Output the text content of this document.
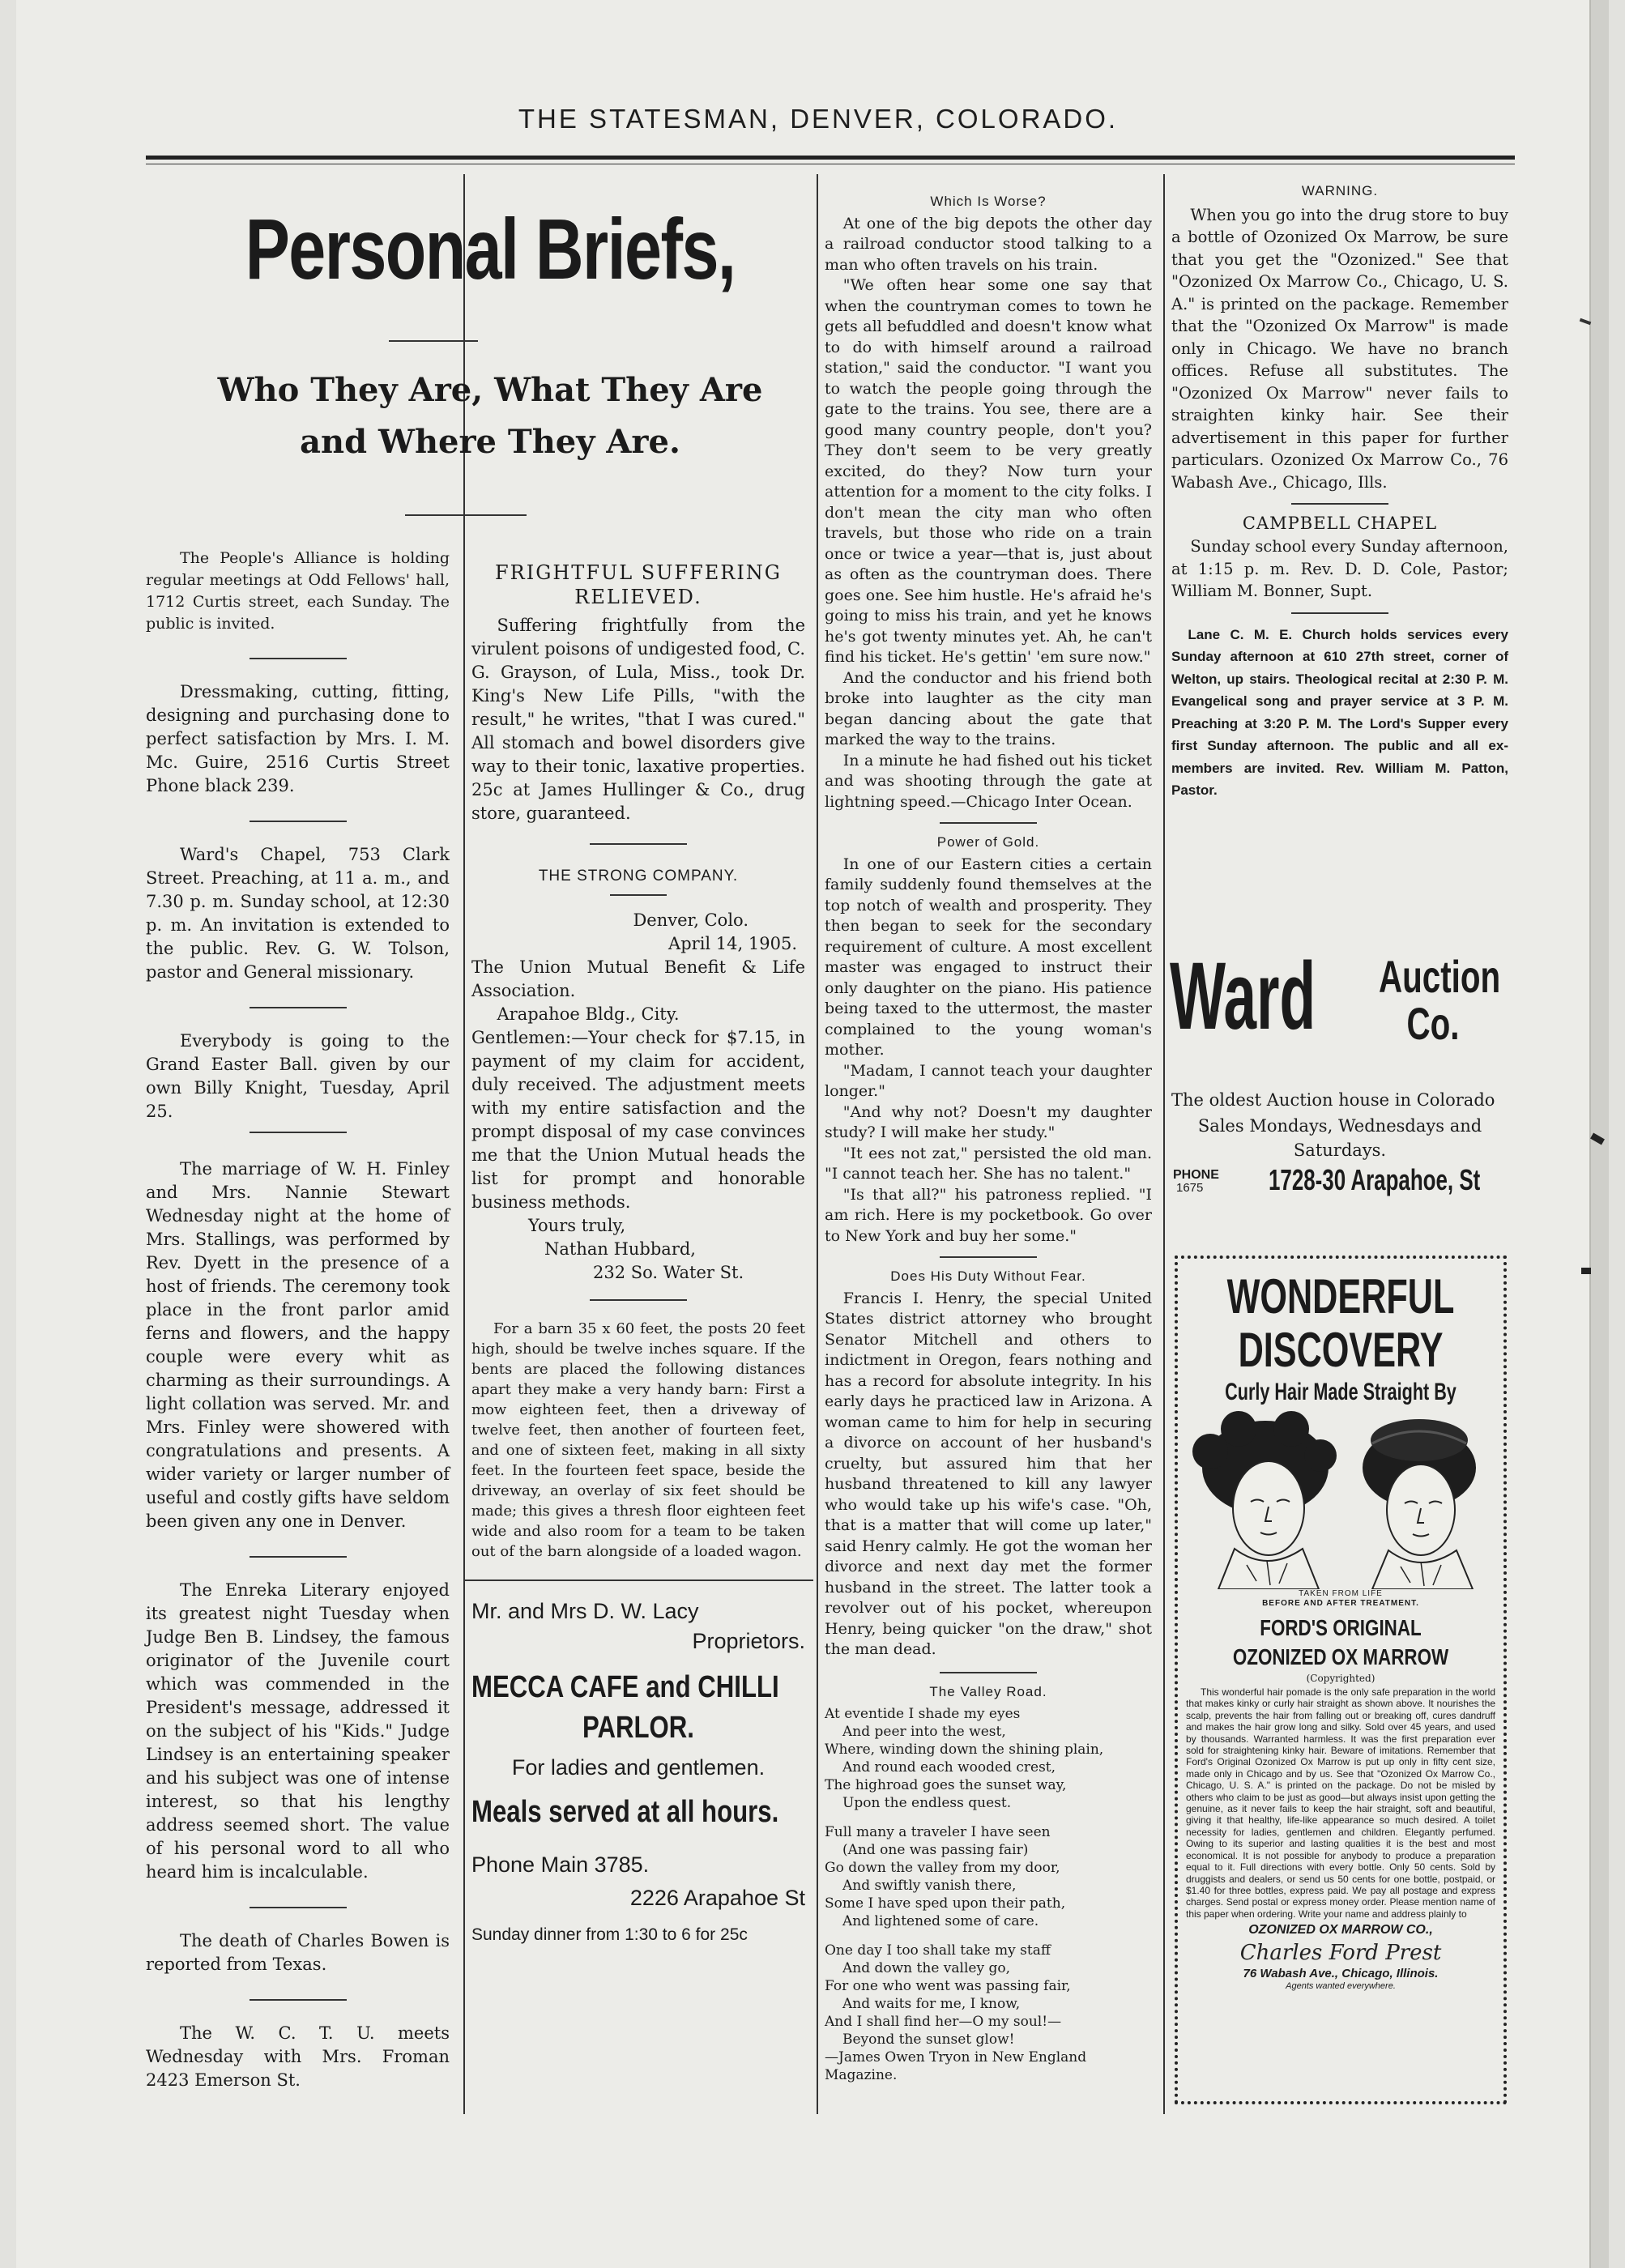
THE STATESMAN, DENVER, COLORADO.
Personal Briefs,
Who They Are, What They Are
and Where They Are.

The People's Alliance is holding regular meetings at Odd Fellows' hall, 1712 Curtis street, each Sunday. The public is invited.

Dressmaking, cutting, fitting, designing and purchasing done to perfect satisfaction by Mrs. I. M. Mc. Guire, 2516 Curtis Street Phone black 239.

Ward's Chapel, 753 Clark Street. Preaching, at 11 a. m., and 7.30 p. m. Sunday school, at 12:30 p. m. An invitation is extended to the public. Rev. G. W. Tolson, pastor and General missionary.

Everybody is going to the Grand Easter Ball. given by our own Billy Knight, Tuesday, April 25.

The marriage of W. H. Finley and Mrs. Nannie Stewart Wednesday night at the home of Mrs. Stallings, was performed by Rev. Dyett in the presence of a host of friends. The ceremony took place in the front parlor amid ferns and flowers, and the happy couple were every whit as charming as their surroundings. A light collation was served. Mr. and Mrs. Finley were showered with congratulations and presents. A wider variety or larger number of useful and costly gifts have seldom been given any one in Denver.

The Enreka Literary enjoyed its greatest night Tuesday when Judge Ben B. Lindsey, the famous originator of the Juvenile court which was commended in the President's message, addressed it on the subject of his "Kids." Judge Lindsey is an entertaining speaker and his subject was one of intense interest, so that his lengthy address seemed short. The value of his personal word to all who heard him is incalculable.

The death of Charles Bowen is reported from Texas.

The W. C. T. U. meets Wednesday with Mrs. Froman 2423 Emerson St.

FRIGHTFUL SUFFERING RELIEVED.

Suffering frightfully from the virulent poisons of undigested food, C. G. Grayson, of Lula, Miss., took Dr. King's New Life Pills, "with the result," he writes, "that I was cured." All stomach and bowel disorders give way to their tonic, laxative properties. 25c at James Hullinger & Co., drug store, guaranteed.

THE STRONG COMPANY.

Denver, Colo.

April 14, 1905.

The Union Mutual Benefit & Life Association.

Arapahoe Bldg., City.

Gentlemen:—Your check for $7.15, in payment of my claim for accident, duly received. The adjustment meets with my entire satisfaction and the prompt disposal of my case convinces me that the Union Mutual heads the list for prompt and honorable business methods.

Yours truly,

Nathan Hubbard,

232 So. Water St.

For a barn 35 x 60 feet, the posts 20 feet high, should be twelve inches square. If the bents are placed the following distances apart they make a very handy barn: First a mow eighteen feet, then a driveway of twelve feet, then another of fourteen feet, and one of sixteen feet, making in all sixty feet. In the fourteen feet space, beside the driveway, an overlay of six feet should be made; this gives a thresh floor eighteen feet wide and also room for a team to be taken out of the barn alongside of a loaded wagon.

Mr. and Mrs D. W. Lacy

Proprietors.

MECCA CAFE and CHILLI
PARLOR.

For ladies and gentlemen.

Meals served at all hours.

Phone Main 3785.

2226 Arapahoe St

Sunday dinner from 1:30 to 6 for 25c

Which Is Worse?

At one of the big depots the other day a railroad conductor stood talking to a man who often travels on his train.

"We often hear some one say that when the countryman comes to town he gets all befuddled and doesn't know what to do with himself around a railroad station," said the conductor. "I want you to watch the people going through the gate to the trains. You see, there are a good many country people, don't you? They don't seem to be very greatly excited, do they? Now turn your attention for a moment to the city folks. I don't mean the city man who often travels, but those who ride on a train once or twice a year—that is, just about as often as the countryman does. There goes one. See him hustle. He's afraid he's going to miss his train, and yet he knows he's got twenty minutes yet. Ah, he can't find his ticket. He's gettin' 'em sure now."

And the conductor and his friend both broke into laughter as the city man began dancing about the gate that marked the way to the trains.

In a minute he had fished out his ticket and was shooting through the gate at lightning speed.—Chicago Inter Ocean.

Power of Gold.

In one of our Eastern cities a certain family suddenly found themselves at the top notch of wealth and prosperity. They then began to seek for the secondary requirement of culture. A most excellent master was engaged to instruct their only daughter on the piano. His patience being taxed to the uttermost, the master complained to the young woman's mother.

"Madam, I cannot teach your daughter longer."

"And why not? Doesn't my daughter study? I will make her study."

"It ees not zat," persisted the old man. "I cannot teach her. She has no talent."

"Is that all?" his patroness replied. "I am rich. Here is my pocketbook. Go over to New York and buy her some."

Does His Duty Without Fear.

Francis I. Henry, the special United States district attorney who brought Senator Mitchell and others to indictment in Oregon, fears nothing and has a record for absolute integrity. In his early days he practiced law in Arizona. A woman came to him for help in securing a divorce on account of her husband's cruelty, but assured him that her husband threatened to kill any lawyer who would take up his wife's case. "Oh, that is a matter that will come up later," said Henry calmly. He got the woman her divorce and next day met the former husband in the street. The latter took a revolver out of his pocket, whereupon Henry, being quicker "on the draw," shot the man dead.

The Valley Road.
At eventide I shade my eyes
And peer into the west,
Where, winding down the shining plain,
And round each wooded crest,
The highroad goes the sunset way,
Upon the endless quest.
Full many a traveler I have seen
(And one was passing fair)
Go down the valley from my door,
And swiftly vanish there,
Some I have sped upon their path,
And lightened some of care.
One day I too shall take my staff
And down the valley go,
For one who went was passing fair,
And waits for me, I know,
And I shall find her—O my soul!—
Beyond the sunset glow!
—James Owen Tryon in New England Magazine.
WARNING.

When you go into the drug store to buy a bottle of Ozonized Ox Marrow, be sure that you get the "Ozonized." See that "Ozonized Ox Marrow Co., Chicago, U. S. A." is printed on the package. Remember that the "Ozonized Ox Marrow" is made only in Chicago. We have no branch offices. Refuse all substitutes. The "Ozonized Ox Marrow" never fails to straighten kinky hair. See their advertisement in this paper for further particulars. Ozonized Ox Marrow Co., 76 Wabash Ave., Chicago, Ills.

CAMPBELL CHAPEL

Sunday school every Sunday afternoon, at 1:15 p. m. Rev. D. D. Cole, Pastor; William M. Bonner, Supt.

Lane C. M. E. Church holds services every Sunday afternoon at 610 27th street, corner of Welton, up stairs. Theological recital at 2:30 P. M. Evangelical song and prayer service at 3 P. M. Preaching at 3:20 P. M. The Lord's Supper every first Sunday afternoon. The public and all ex-members are invited. Rev. William M. Patton, Pastor.

Ward Auction
Co.
The oldest Auction house in Colorado
Sales Mondays, Wednesdays and Saturdays.
PHONE
1675 1728-30 Arapahoe, St
WONDERFUL
DISCOVERY
Curly Hair Made Straight By
TAKEN FROM LIFE
BEFORE AND AFTER TREATMENT.
FORD'S ORIGINAL
OZONIZED OX MARROW
(Copyrighted)

This wonderful hair pomade is the only safe preparation in the world that makes kinky or curly hair straight as shown above. It nourishes the scalp, prevents the hair from falling out or breaking off, cures dandruff and makes the hair grow long and silky. Sold over 45 years, and used by thousands. Warranted harmless. It was the first preparation ever sold for straightening kinky hair. Beware of imitations. Remember that Ford's Original Ozonized Ox Marrow is put up only in fifty cent size, made only in Chicago and by us. See that "Ozonized Ox Marrow Co., Chicago, U. S. A." is printed on the package. Do not be misled by others who claim to be just as good—but always insist upon getting the genuine, as it never fails to keep the hair straight, soft and beautiful, giving it that healthy, life-like appearance so much desired. A toilet necessity for ladies, gentlemen and children. Elegantly perfumed. Owing to its superior and lasting qualities it is the best and most economical. It is not possible for anybody to produce a preparation equal to it. Full directions with every bottle. Only 50 cents. Sold by druggists and dealers, or send us 50 cents for one bottle, postpaid, or $1.40 for three bottles, express paid. We pay all postage and express charges. Send postal or express money order. Please mention name of this paper when ordering. Write your name and address plainly to

OZONIZED OX MARROW CO.,
Charles Ford Prest
76 Wabash Ave., Chicago, Illinois.
Agents wanted everywhere.
